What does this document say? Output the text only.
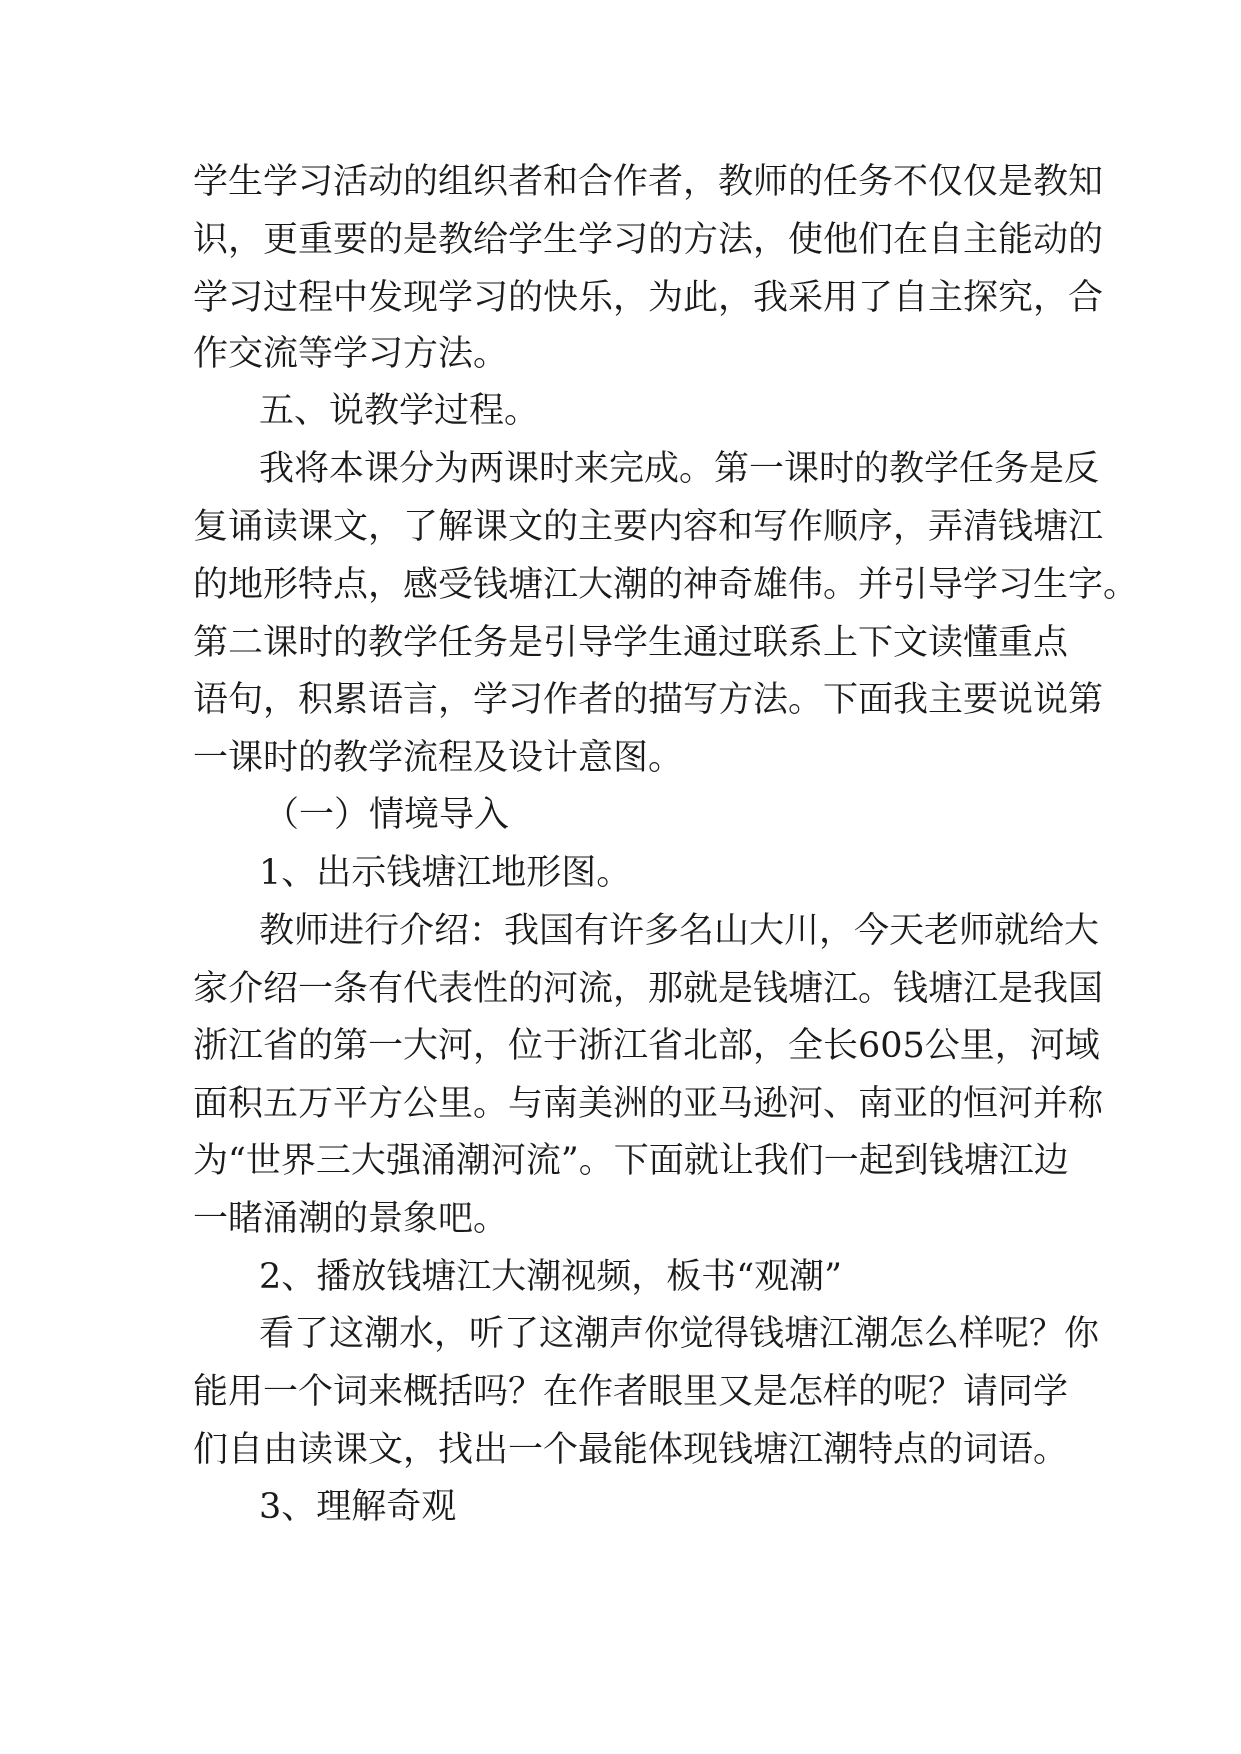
学生学习活动的组织者和合作者，教师的任务不仅仅是教知
识，更重要的是教给学生学习的方法，使他们在自主能动的
学习过程中发现学习的快乐，为此，我采用了自主探究，合
作交流等学习方法。
五、说教学过程。
我将本课分为两课时来完成。第一课时的教学任务是反
复诵读课文，了解课文的主要内容和写作顺序，弄清钱塘江
的地形特点，感受钱塘江大潮的神奇雄伟。并引导学习生字。
第二课时的教学任务是引导学生通过联系上下文读懂重点
语句，积累语言，学习作者的描写方法。下面我主要说说第
一课时的教学流程及设计意图。
（一）情境导入
1、出示钱塘江地形图。
教师进行介绍：我国有许多名山大川，今天老师就给大
家介绍一条有代表性的河流，那就是钱塘江。钱塘江是我国
浙江省的第一大河，位于浙江省北部，全长605公里，河域
面积五万平方公里。与南美洲的亚马逊河、南亚的恒河并称
为“世界三大强涌潮河流”。下面就让我们一起到钱塘江边
一睹涌潮的景象吧。
2、播放钱塘江大潮视频，板书“观潮”
看了这潮水，听了这潮声你觉得钱塘江潮怎么样呢？你
能用一个词来概括吗？在作者眼里又是怎样的呢？请同学
们自由读课文，找出一个最能体现钱塘江潮特点的词语。
3、理解奇观
